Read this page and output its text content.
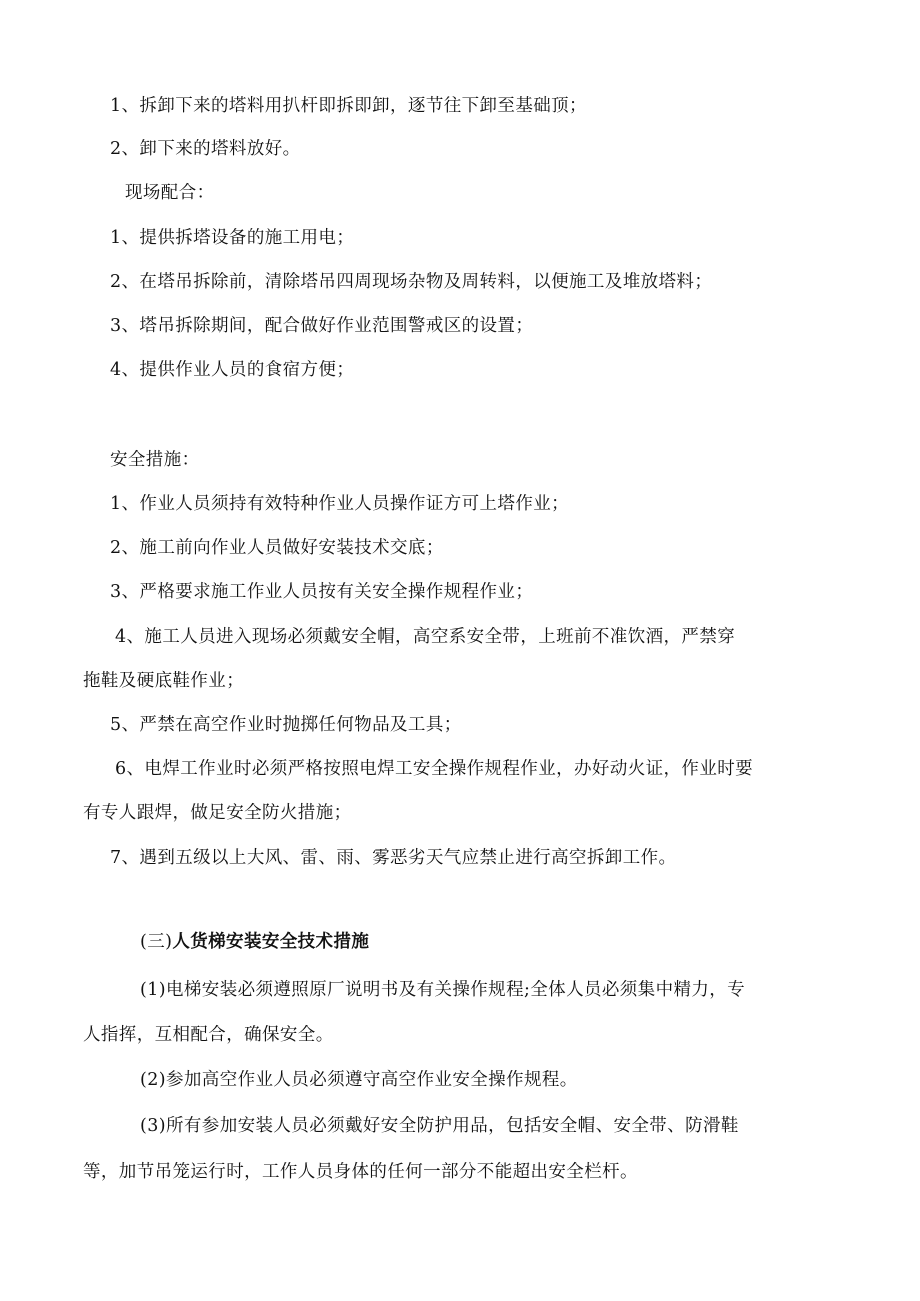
1、拆卸下来的塔料用扒杆即拆即卸，逐节往下卸至基础顶；
2、卸下来的塔料放好。
现场配合：
1、提供拆塔设备的施工用电；
2、在塔吊拆除前，清除塔吊四周现场杂物及周转料，以便施工及堆放塔料；
3、塔吊拆除期间，配合做好作业范围警戒区的设置；
4、提供作业人员的食宿方便；
安全措施：
1、作业人员须持有效特种作业人员操作证方可上塔作业；
2、施工前向作业人员做好安装技术交底；
3、严格要求施工作业人员按有关安全操作规程作业；
4、施工人员进入现场必须戴安全帽，高空系安全带，上班前不准饮酒，严禁穿
拖鞋及硬底鞋作业；
5、严禁在高空作业时抛掷任何物品及工具；
6、电焊工作业时必须严格按照电焊工安全操作规程作业，办好动火证，作业时要
有专人跟焊，做足安全防火措施；
7、遇到五级以上大风、雷、雨、雾恶劣天气应禁止进行高空拆卸工作。
(三)人货梯安装安全技术措施
(1)电梯安装必须遵照原厂说明书及有关操作规程;全体人员必须集中精力，专
人指挥，互相配合，确保安全。
(2)参加高空作业人员必须遵守高空作业安全操作规程。
(3)所有参加安装人员必须戴好安全防护用品，包括安全帽、安全带、防滑鞋
等，加节吊笼运行时，工作人员身体的任何一部分不能超出安全栏杆。
